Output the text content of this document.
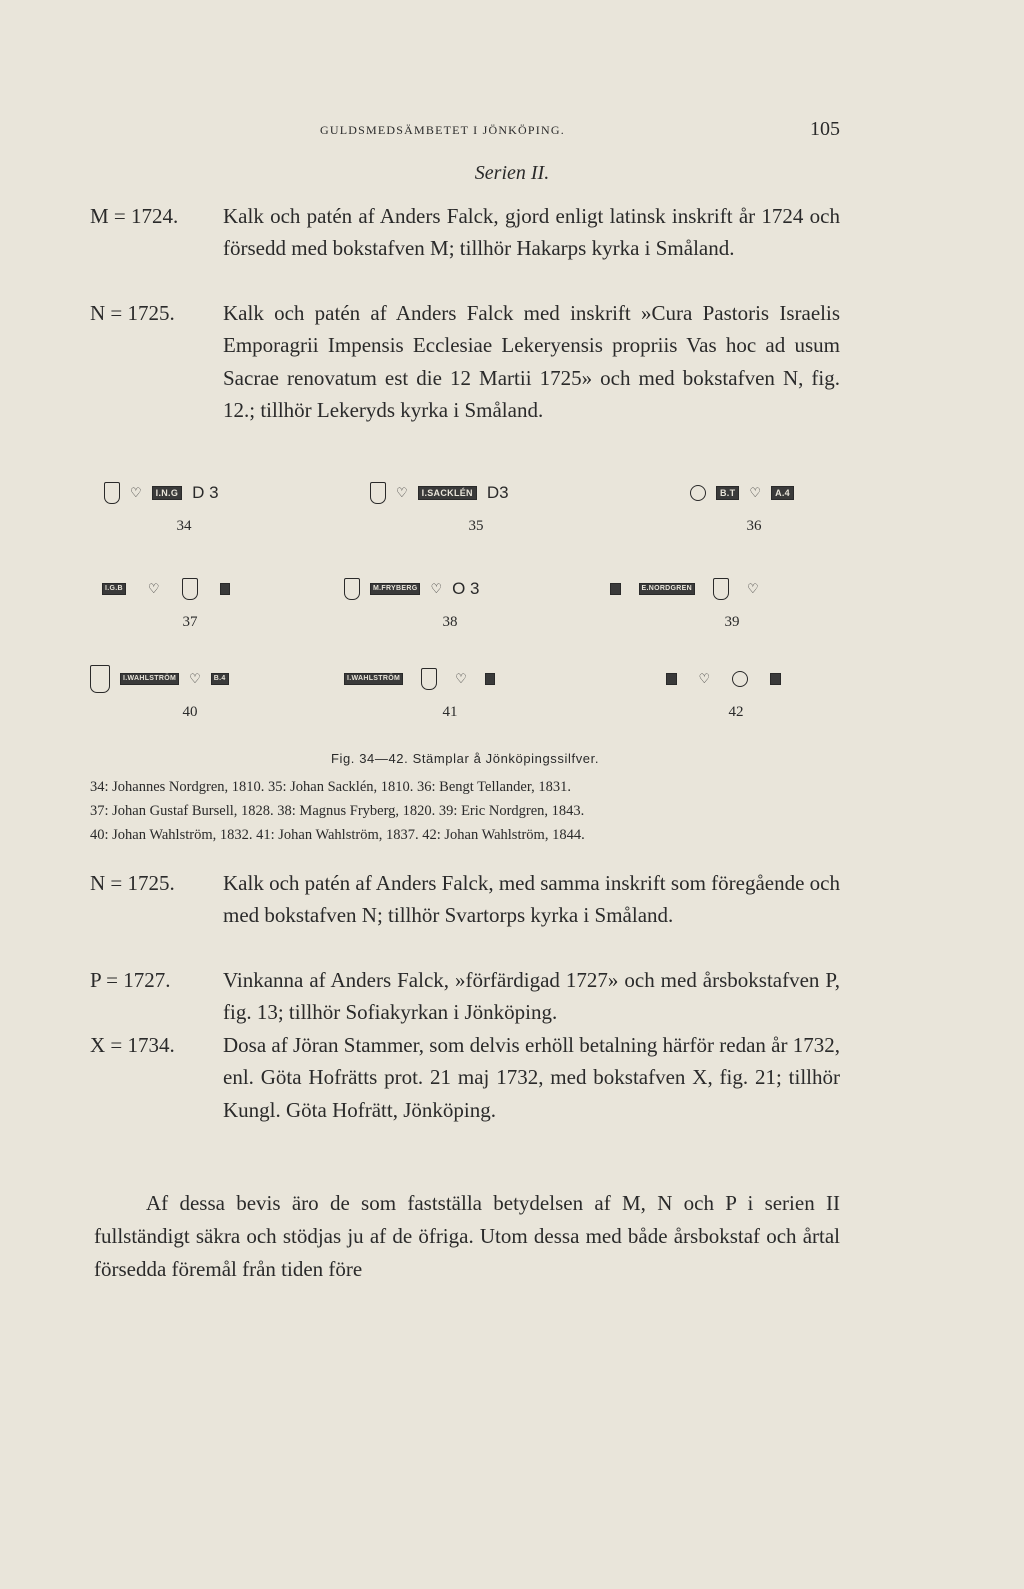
GULDSMEDSÄMBETET I JÖNKÖPING.	105
Serien II.
M = 1724. Kalk och patén af Anders Falck, gjord enligt latinsk inskrift år 1724 och försedd med bokstafven M; tillhör Hakarps kyrka i Småland.
N = 1725. Kalk och patén af Anders Falck med inskrift »Cura Pastoris Israelis Emporagrii Impensis Ecclesiae Lekeryensis propriis Vas hoc ad usum Sacrae renovatum est die 12 Martii 1725» och med bokstafven N, fig. 12.; tillhör Lekeryds kyrka i Småland.
♡	I.N.G D 3
34
♡	I.SACKLÉN D3
35
B.T	♡	A.4
36
I.G.B ♡

37
M.FRYBERG ♡ O 3
38

E.NORDGREN	♡
39
I.WAHLSTRÖM ♡	B.4
40
I.WAHLSTRÖM	♡

41

♡

42
Fig. 34—42. Stämplar å Jönköpingssilfver.
34: Johannes Nordgren, 1810. 35: Johan Sacklén, 1810. 36: Bengt Tellander, 1831.
37: Johan Gustaf Bursell, 1828. 38: Magnus Fryberg, 1820. 39: Eric Nordgren, 1843.
40: Johan Wahlström, 1832. 41: Johan Wahlström, 1837. 42: Johan Wahlström, 1844.
N = 1725. Kalk och patén af Anders Falck, med samma inskrift som föregående och med bokstafven N; tillhör Svartorps kyrka i Småland.
P = 1727.	Vinkanna af Anders Falck, »förfärdigad 1727» och med årsbokstafven P, fig. 13; tillhör Sofiakyrkan i Jönköping.
X = 1734. Dosa af Jöran Stammer, som delvis erhöll betalning härför redan år 1732, enl. Göta Hofrätts prot. 21 maj 1732, med bokstafven X, fig. 21; tillhör Kungl. Göta Hofrätt, Jönköping.
Af dessa bevis äro de som fastställa betydelsen af M, N och P i serien II fullständigt säkra och stödjas ju af de öfriga. Utom dessa med både årsbokstaf och årtal försedda föremål från tiden före
